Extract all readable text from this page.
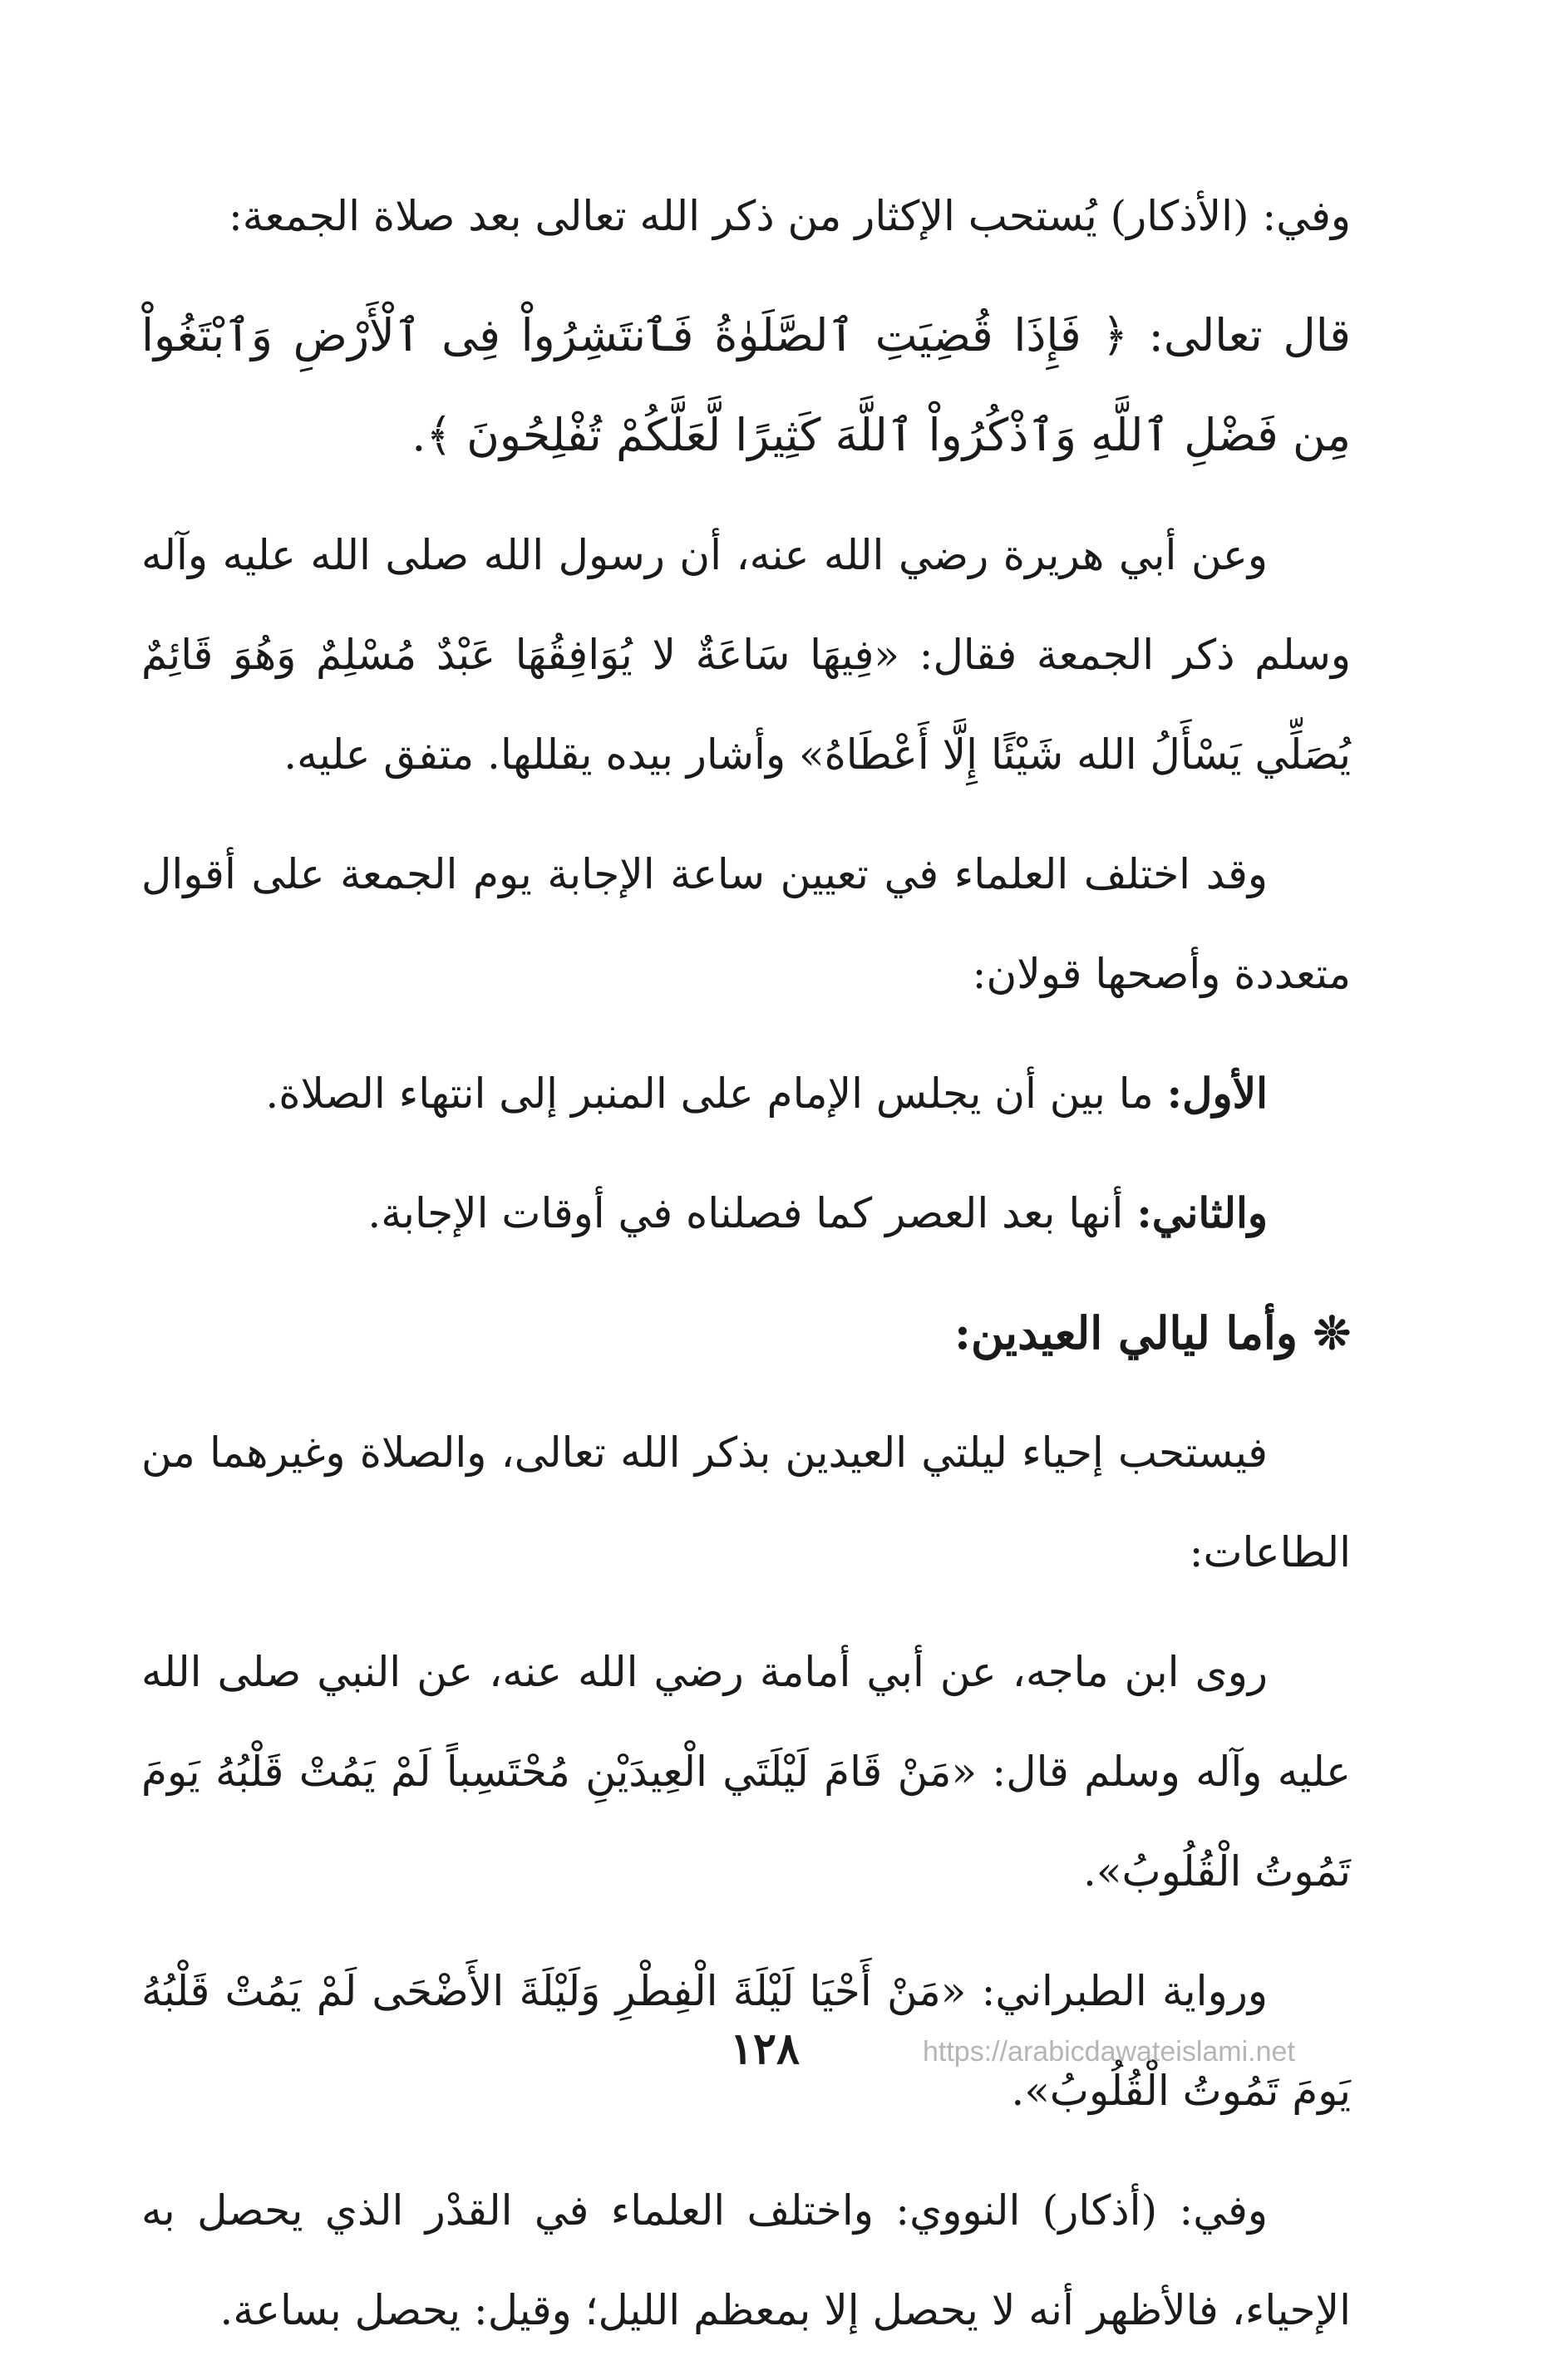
وفي: (الأذكار) يُستحب الإكثار من ذكر الله تعالى بعد صلاة الجمعة:

قال تعالى: ﴿ فَإِذَا قُضِيَتِ ٱلصَّلَوٰةُ فَٱنتَشِرُواْ فِى ٱلْأَرْضِ وَٱبْتَغُواْ مِن فَضْلِ ٱللَّهِ وَٱذْكُرُواْ ٱللَّهَ كَثِيرًا لَّعَلَّكُمْ تُفْلِحُونَ ﴾.

وعن أبي هريرة رضي الله عنه، أن رسول الله صلى الله عليه وآله وسلم ذكر الجمعة فقال: «فِيهَا سَاعَةٌ لا يُوَافِقُهَا عَبْدٌ مُسْلِمٌ وَهُوَ قَائِمٌ يُصَلِّي يَسْأَلُ الله شَيْئًا إِلَّا أَعْطَاهُ» وأشار بيده يقللها. متفق عليه.

وقد اختلف العلماء في تعيين ساعة الإجابة يوم الجمعة على أقوال متعددة وأصحها قولان:

الأول: ما بين أن يجلس الإمام على المنبر إلى انتهاء الصلاة.

والثاني: أنها بعد العصر كما فصلناه في أوقات الإجابة.

❊ وأما ليالي العيدين:

فيستحب إحياء ليلتي العيدين بذكر الله تعالى، والصلاة وغيرهما من الطاعات:

روى ابن ماجه، عن أبي أمامة رضي الله عنه، عن النبي صلى الله عليه وآله وسلم قال: «مَنْ قَامَ لَيْلَتَي الْعِيدَيْنِ مُحْتَسِباً لَمْ يَمُتْ قَلْبُهُ يَومَ تَمُوتُ الْقُلُوبُ».

ورواية الطبراني: «مَنْ أَحْيَا لَيْلَةَ الْفِطْرِ وَلَيْلَةَ الأَضْحَى لَمْ يَمُتْ قَلْبُهُ يَومَ تَمُوتُ الْقُلُوبُ».

وفي: (أذكار) النووي: واختلف العلماء في القدْر الذي يحصل به الإحياء، فالأظهر أنه لا يحصل إلا بمعظم الليل؛ وقيل: يحصل بساعة.

١٢٨	https://arabicdawateislami.net
